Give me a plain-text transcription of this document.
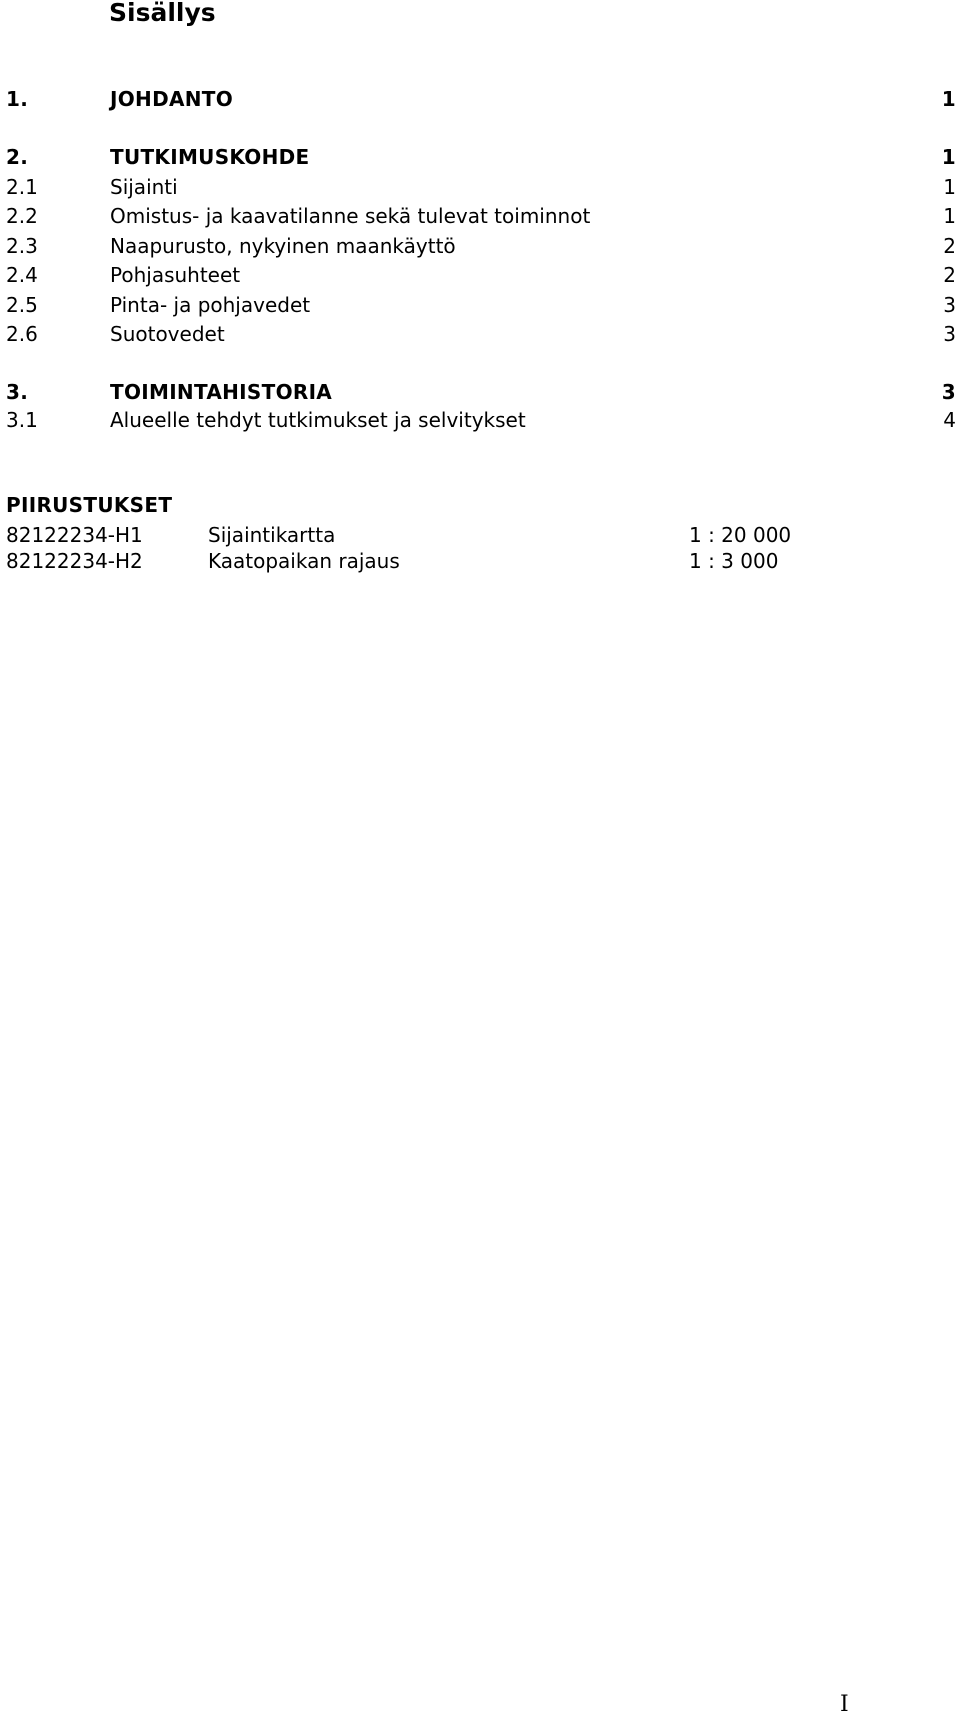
Sisällys
1.	JOHDANTO	1
2.	TUTKIMUSKOHDE	1
2.1	Sijainti	1
2.2	Omistus- ja kaavatilanne sekä tulevat toiminnot	1
2.3	Naapurusto, nykyinen maankäyttö	2
2.4	Pohjasuhteet	2
2.5	Pinta- ja pohjavedet	3
2.6	Suotovedet	3
3.	TOIMINTAHISTORIA	3
3.1	Alueelle tehdyt tutkimukset ja selvitykset	4
PIIRUSTUKSET
82122234-H1	Sijaintikartta	1 : 20 000
82122234-H2	Kaatopaikan rajaus	1 : 3 000
I
